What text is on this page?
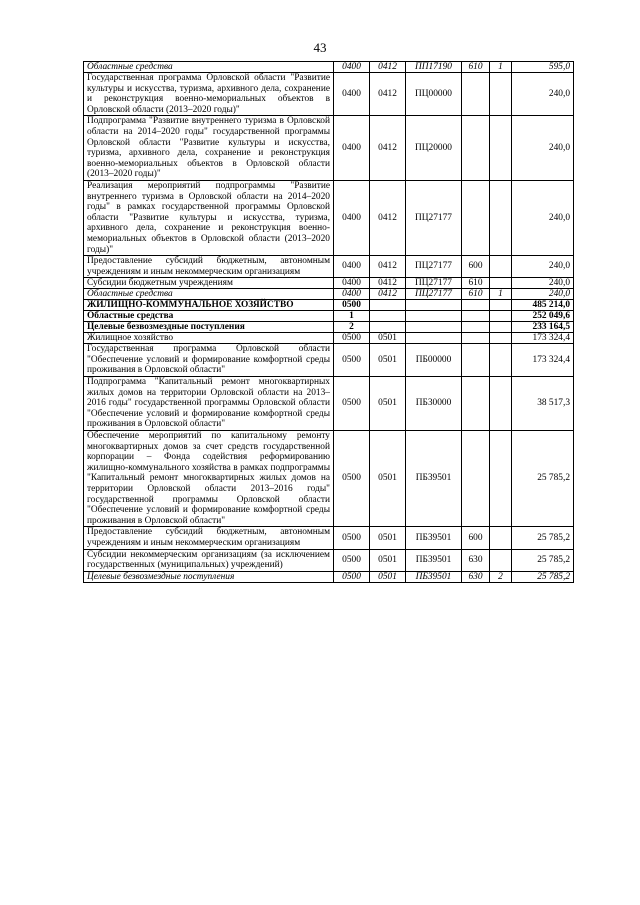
43
Областные средства	0400	0412	ПП17190	610	1	595,0
Государственная программа Орловской области "Развитие культуры и искусства, туризма, архивного дела, сохранение и реконструкция военно-мемориальных объектов в Орловской области (2013–2020 годы)"	0400	0412	ПЦ00000			240,0
Подпрограмма "Развитие внутреннего туризма в Орловской области на 2014–2020 годы" государственной программы Орловской области "Развитие культуры и искусства, туризма, архивного дела, сохранение и реконструкция военно-мемориальных объектов в Орловской области (2013–2020 годы)"	0400	0412	ПЦ20000			240,0
Реализация мероприятий подпрограммы "Развитие внутреннего туризма в Орловской области на 2014–2020 годы" в рамках государственной программы Орловской области "Развитие культуры и искусства, туризма, архивного дела, сохранение и реконструкция военно-мемориальных объектов в Орловской области (2013–2020 годы)"	0400	0412	ПЦ27177			240,0
Предоставление субсидий бюджетным, автономным учреждениям и иным некоммерческим организациям	0400	0412	ПЦ27177	600		240,0
Субсидии бюджетным учреждениям	0400	0412	ПЦ27177	610		240,0
Областные средства	0400	0412	ПЦ27177	610	1	240,0
ЖИЛИЩНО-КОММУНАЛЬНОЕ ХОЗЯЙСТВО	0500					485 214,0
Областные средства	1					252 049,6
Целевые безвозмездные поступления	2					233 164,5
Жилищное хозяйство	0500	0501				173 324,4
Государственная программа Орловской области "Обеспечение условий и формирование комфортной среды проживания в Орловской области"	0500	0501	ПБ00000			173 324,4
Подпрограмма "Капитальный ремонт многоквартирных жилых домов на территории Орловской области на 2013–2016 годы" государственной программы Орловской области "Обеспечение условий и формирование комфортной среды проживания в Орловской области"	0500	0501	ПБ30000			38 517,3
Обеспечение мероприятий по капитальному ремонту многоквартирных домов за счет средств государственной корпорации – Фонда содействия реформированию жилищно-коммунального хозяйства в рамках подпрограммы "Капитальный ремонт многоквартирных жилых домов на территории Орловской области 2013–2016 годы" государственной программы Орловской области "Обеспечение условий и формирование комфортной среды проживания в Орловской области"	0500	0501	ПБ39501			25 785,2
Предоставление субсидий бюджетным, автономным учреждениям и иным некоммерческим организациям	0500	0501	ПБ39501	600		25 785,2
Субсидии некоммерческим организациям (за исключением государственных (муниципальных) учреждений)	0500	0501	ПБ39501	630		25 785,2
Целевые безвозмездные поступления	0500	0501	ПБ39501	630	2	25 785,2
